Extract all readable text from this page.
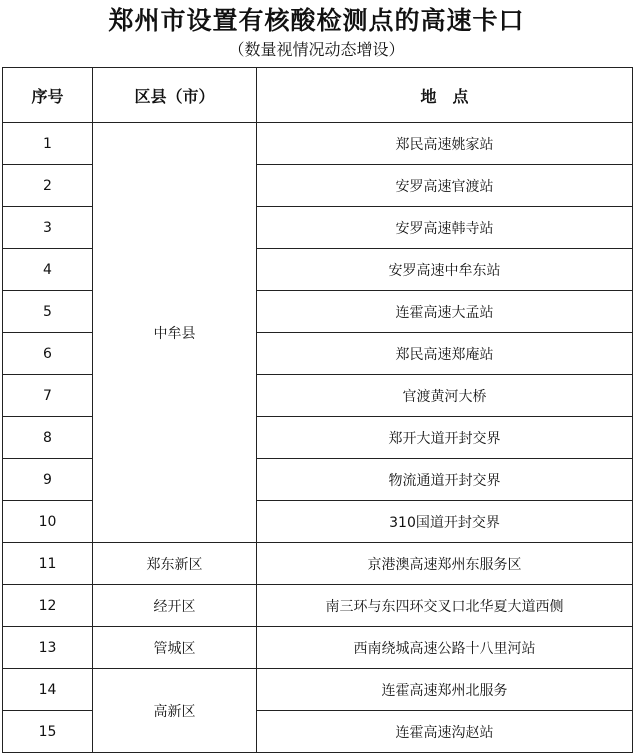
郑州市设置有核酸检测点的高速卡口
（数量视情况动态增设）
序号	区县（市）	地　点
1	中牟县	郑民高速姚家站
2		安罗高速官渡站
3		安罗高速韩寺站
4		安罗高速中牟东站
5		连霍高速大孟站
6		郑民高速郑庵站
7		官渡黄河大桥
8		郑开大道开封交界
9		物流通道开封交界
10		310国道开封交界
11	郑东新区	京港澳高速郑州东服务区
12	经开区	南三环与东四环交叉口北华夏大道西侧
13	管城区	西南绕城高速公路十八里河站
14	高新区	连霍高速郑州北服务
15		连霍高速沟赵站
